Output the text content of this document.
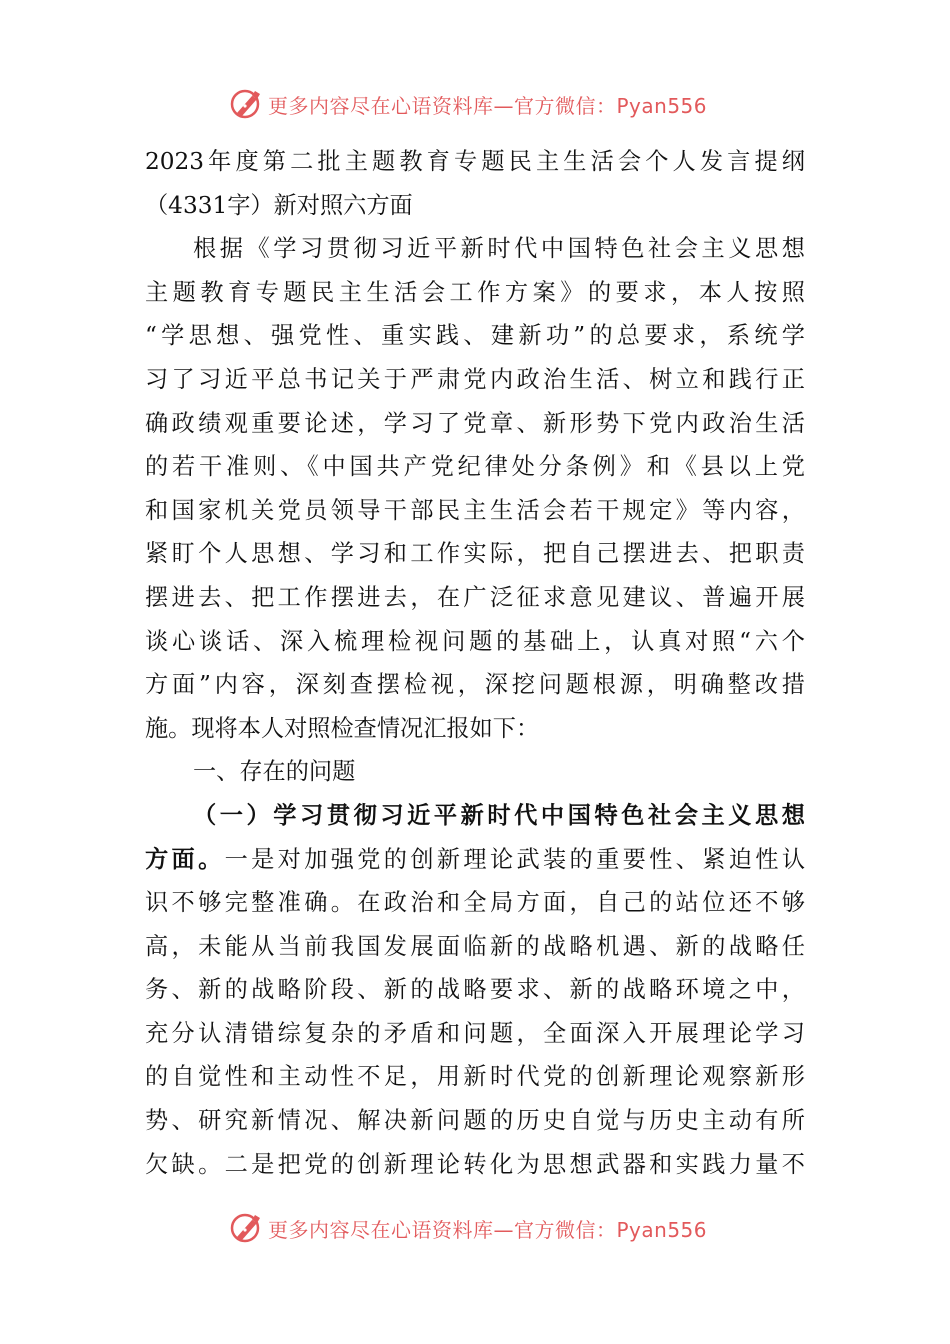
更多内容尽在心语资料库—官方微信：Pyan556
2023年度第二批主题教育专题民主生活会个人发言提纲
（4331字）新对照六方面
根据《学习贯彻习近平新时代中国特色社会主义思想
主题教育专题民主生活会工作方案》的要求，本人按照
“学思想、强党性、重实践、建新功”的总要求，系统学
习了习近平总书记关于严肃党内政治生活、树立和践行正
确政绩观重要论述，学习了党章、新形势下党内政治生活
的若干准则、《中国共产党纪律处分条例》和《县以上党
和国家机关党员领导干部民主生活会若干规定》等内容，
紧盯个人思想、学习和工作实际，把自己摆进去、把职责
摆进去、把工作摆进去，在广泛征求意见建议、普遍开展
谈心谈话、深入梳理检视问题的基础上，认真对照“六个
方面”内容，深刻查摆检视，深挖问题根源，明确整改措
施。现将本人对照检查情况汇报如下：
一、存在的问题
（一）学习贯彻习近平新时代中国特色社会主义思想
方面。一是对加强党的创新理论武装的重要性、紧迫性认
识不够完整准确。在政治和全局方面，自己的站位还不够
高，未能从当前我国发展面临新的战略机遇、新的战略任
务、新的战略阶段、新的战略要求、新的战略环境之中，
充分认清错综复杂的矛盾和问题，全面深入开展理论学习
的自觉性和主动性不足，用新时代党的创新理论观察新形
势、研究新情况、解决新问题的历史自觉与历史主动有所
欠缺。二是把党的创新理论转化为思想武器和实践力量不
更多内容尽在心语资料库—官方微信：Pyan556
